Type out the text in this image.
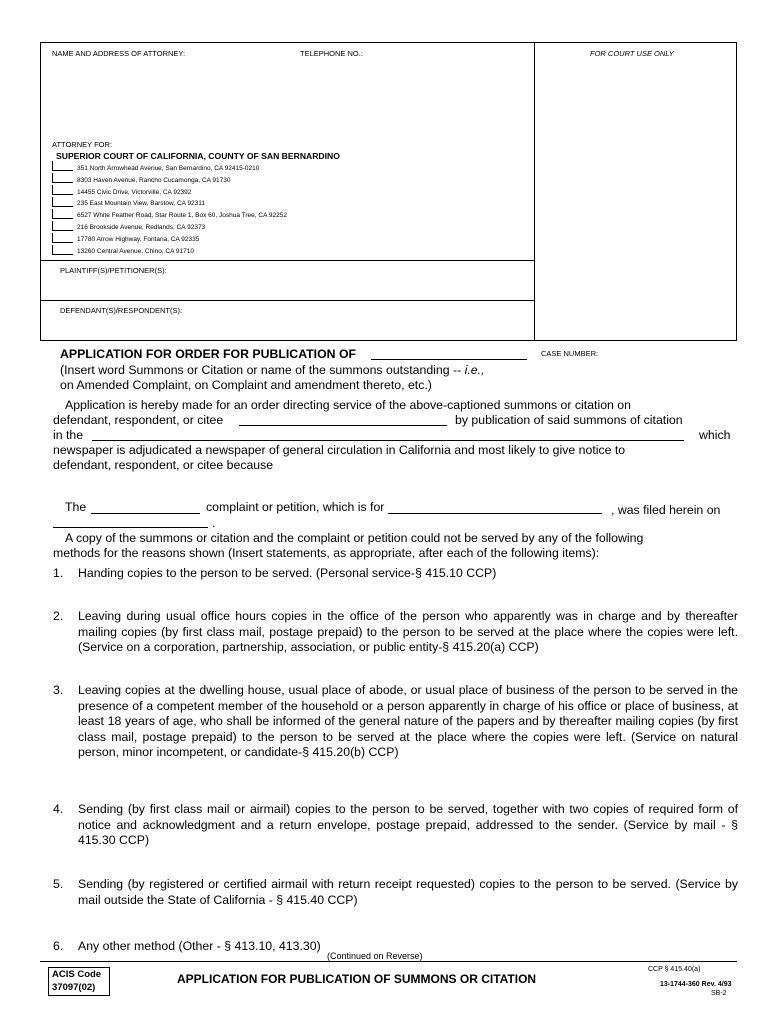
NAME AND ADDRESS OF ATTORNEY:	TELEPHONE NO.:	FOR COURT USE ONLY
ATTORNEY FOR:
SUPERIOR COURT OF CALIFORNIA, COUNTY OF SAN BERNARDINO
351 North Arrowhead Avenue, San Bernardino, CA 92415-0210
8303 Haven Avenue, Rancho Cucamonga, CA 91730
14455 Civic Drive, Victorville, CA 92392
235 East Mountain View, Barstow, CA 92311
6527 White Feather Road, Star Route 1, Box 60, Joshua Tree, CA 92252
216 Brookside Avenue, Redlands, CA 92373
17780 Arrow Highway, Fontana, CA 92335
13260 Central Avenue, Chino, CA 91710
PLAINTIFF(S)/PETITIONER(S):
DEFENDANT(S)/RESPONDENT(S):
APPLICATION FOR ORDER FOR PUBLICATION OF	CASE NUMBER:
(Insert word Summons or Citation or name of the summons outstanding -- i.e.,
on Amended Complaint, on Complaint and amendment thereto, etc.)
Application is hereby made for an order directing service of the above-captioned summons or citation on
defendant, respondent, or citee	by publication of said summons of citation
in the	which
newspaper is adjudicated a newspaper of general circulation in California and most likely to give notice to
defendant, respondent, or citee because
The	complaint or petition, which is for	, was filed herein on
.
A copy of the summons or citation and the complaint or petition could not be served by any of the following
methods for the reasons shown (Insert statements, as appropriate, after each of the following items):
1. Handing copies to the person to be served. (Personal service-§ 415.10 CCP)
2. Leaving during usual office hours copies in the office of the person who apparently was in charge and by thereafter mailing copies (by first class mail, postage prepaid) to the person to be served at the place where the copies were left. (Service on a corporation, partnership, association, or public entity-§ 415.20(a) CCP)
3. Leaving copies at the dwelling house, usual place of abode, or usual place of business of the person to be served in the presence of a competent member of the household or a person apparently in charge of his office or place of business, at least 18 years of age, who shall be informed of the general nature of the papers and by thereafter mailing copies (by first class mail, postage prepaid) to the person to be served at the place where the copies were left. (Service on natural person, minor incompetent, or candidate-§ 415.20(b) CCP)
4. Sending (by first class mail or airmail) copies to the person to be served, together with two copies of required form of notice and acknowledgment and a return envelope, postage prepaid, addressed to the sender. (Service by mail - § 415.30 CCP)
5. Sending (by registered or certified airmail with return receipt requested) copies to the person to be served. (Service by mail outside the State of California - § 415.40 CCP)
6. Any other method (Other - § 413.10, 413.30)
(Continued on Reverse)
ACIS Code
37097(02)
APPLICATION FOR PUBLICATION OF SUMMONS OR CITATION
CCP § 415.40(a)
13-1744-360 Rev. 4/93
SB-2
